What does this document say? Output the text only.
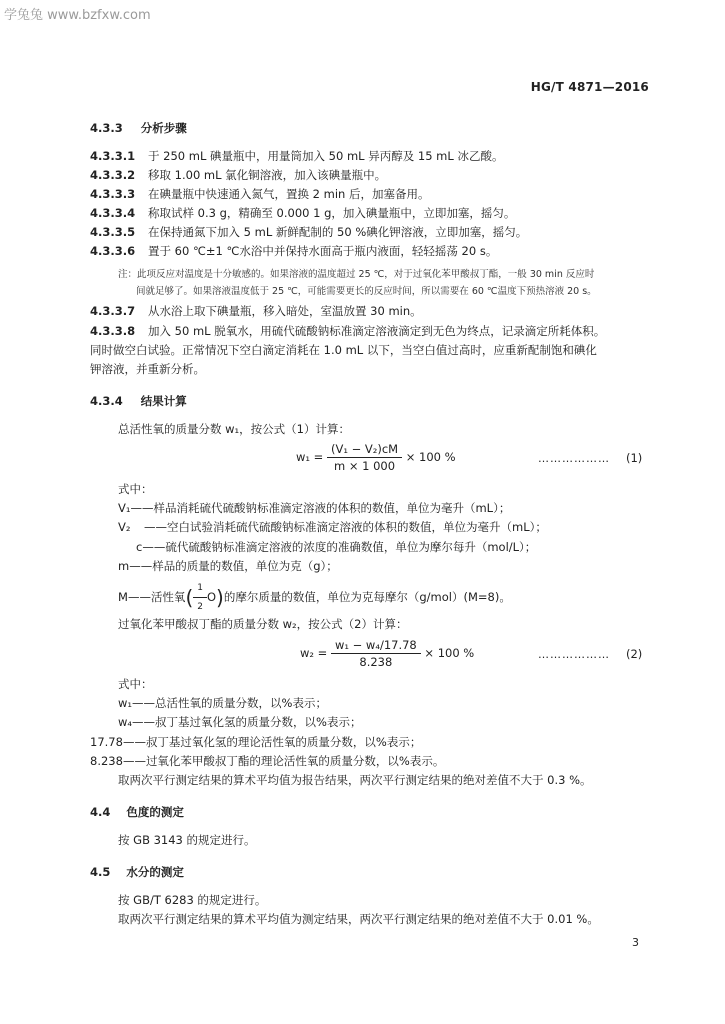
学兔兔 www.bzfxw.com
HG/T 4871—2016
4.3.3 分析步骤
4.3.3.1 于 250 mL 碘量瓶中，用量筒加入 50 mL 异丙醇及 15 mL 冰乙酸。
4.3.3.2 移取 1.00 mL 氯化铜溶液，加入该碘量瓶中。
4.3.3.3 在碘量瓶中快速通入氮气，置换 2 min 后，加塞备用。
4.3.3.4 称取试样 0.3 g，精确至 0.000 1 g，加入碘量瓶中，立即加塞，摇匀。
4.3.3.5 在保持通氮下加入 5 mL 新鲜配制的 50 %碘化钾溶液，立即加塞，摇匀。
4.3.3.6 置于 60 ℃±1 ℃水浴中并保持水面高于瓶内液面，轻轻摇荡 20 s。
注：此项反应对温度是十分敏感的。如果溶液的温度超过 25 ℃，对于过氧化苯甲酸叔丁酯，一般 30 min 反应时
间就足够了。如果溶液温度低于 25 ℃，可能需要更长的反应时间，所以需要在 60 ℃温度下预热溶液 20 s。
4.3.3.7 从水浴上取下碘量瓶，移入暗处，室温放置 30 min。
4.3.3.8 加入 50 mL 脱氧水，用硫代硫酸钠标准滴定溶液滴定到无色为终点，记录滴定所耗体积。
同时做空白试验。正常情况下空白滴定消耗在 1.0 mL 以下，当空白值过高时，应重新配制饱和碘化
钾溶液，并重新分析。
4.3.4 结果计算
总活性氧的质量分数 w₁，按公式（1）计算：
$w_1 = \frac{\text{(V₁ − V₂)cM}}{m \times 1 000} \times 100$ %	……………… (1)
式中：
V₁——样品消耗硫代硫酸钠标准滴定溶液的体积的数值，单位为毫升（mL）；
V₂ ——空白试验消耗硫代硫酸钠标准滴定溶液的体积的数值，单位为毫升（mL）；
c——硫代硫酸钠标准滴定溶液的浓度的准确数值，单位为摩尔每升（mol/L）；
m——样品的质量的数值，单位为克（g）；
M——活性氧( $\frac{1}{2} O$)的摩尔质量的数值，单位为克每摩尔（g/mol）(M=8)。
过氧化苯甲酸叔丁酯的质量分数 w₂，按公式（2）计算：
$w_2 = \frac{\text{w₁ − w₄/17.78}}{8.238} \times 100$ %	……………… (2)
式中：
w₁——总活性氧的质量分数，以%表示；
w₄——叔丁基过氧化氢的质量分数，以%表示；
17.78——叔丁基过氧化氢的理论活性氧的质量分数，以%表示；
8.238——过氧化苯甲酸叔丁酯的理论活性氧的质量分数，以%表示。
取两次平行测定结果的算术平均值为报告结果，两次平行测定结果的绝对差值不大于 0.3 %。
4.4 色度的测定
按 GB 3143 的规定进行。
4.5 水分的测定
按 GB/T 6283 的规定进行。
取两次平行测定结果的算术平均值为测定结果，两次平行测定结果的绝对差值不大于 0.01 %。
3
